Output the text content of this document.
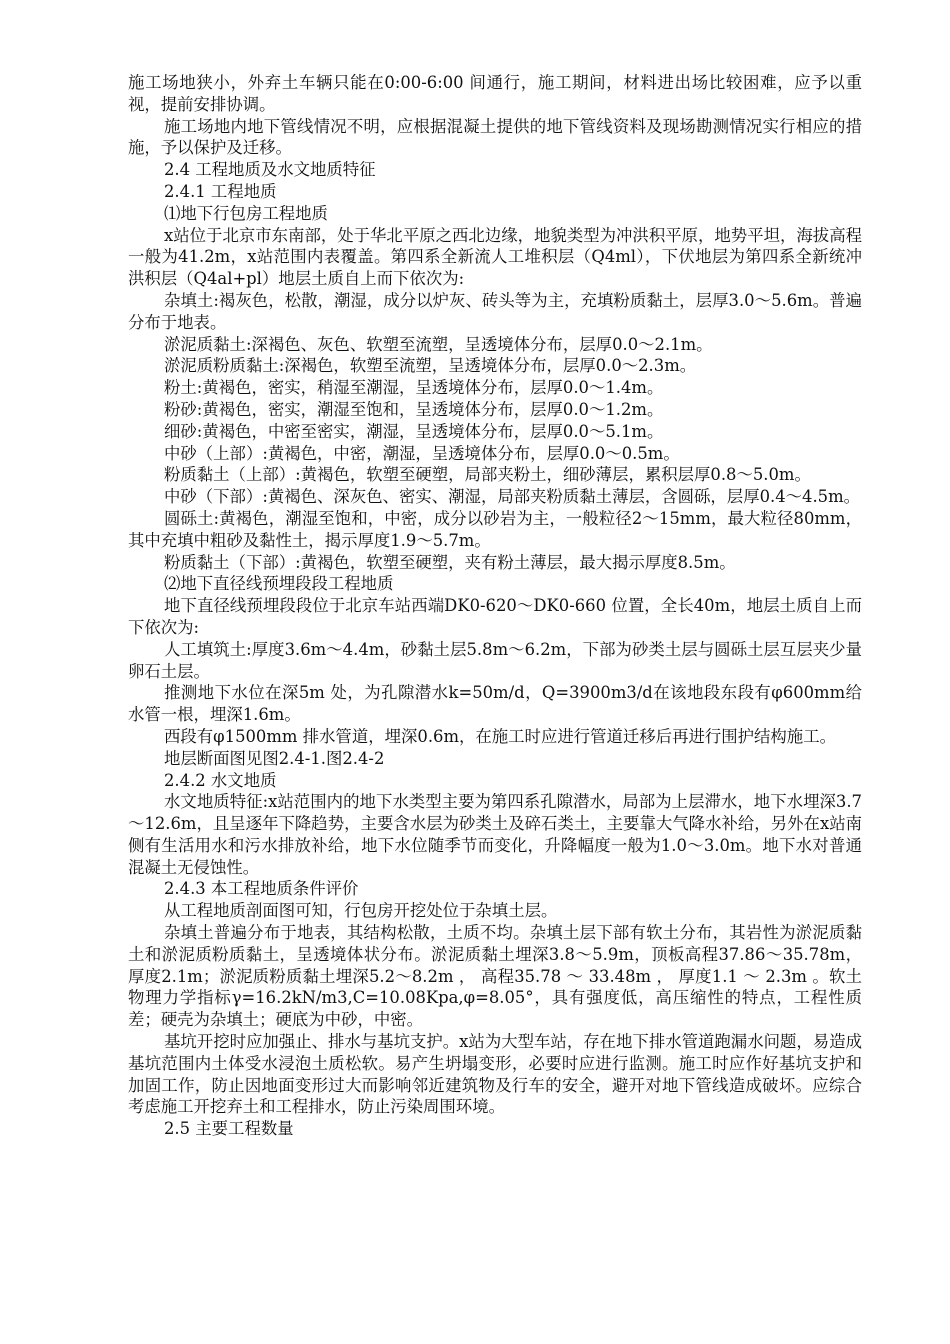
施工场地狭小，外弃土车辆只能在0:00-6:00 间通行，施工期间，材料进出场比较困难，应予以重视，提前安排协调。

施工场地内地下管线情况不明，应根据混凝土提供的地下管线资料及现场勘测情况实行相应的措施，予以保护及迁移。

2.4 工程地质及水文地质特征

2.4.1 工程地质

⑴地下行包房工程地质

x站位于北京市东南部，处于华北平原之西北边缘，地貌类型为冲洪积平原，地势平坦，海拔高程一般为41.2m，x站范围内表覆盖。第四系全新流人工堆积层（Q4ml），下伏地层为第四系全新统冲洪积层（Q4al+pl）地层土质自上而下依次为:

杂填土:褐灰色，松散，潮湿，成分以炉灰、砖头等为主，充填粉质黏土，层厚3.0～5.6m。普遍分布于地表。

淤泥质黏土:深褐色、灰色、软塑至流塑，呈透境体分布，层厚0.0～2.1m。

淤泥质粉质黏土:深褐色，软塑至流塑，呈透境体分布，层厚0.0～2.3m。

粉土:黄褐色，密实，稍湿至潮湿，呈透境体分布，层厚0.0～1.4m。

粉砂:黄褐色，密实，潮湿至饱和，呈透境体分布，层厚0.0～1.2m。

细砂:黄褐色，中密至密实，潮湿，呈透境体分布，层厚0.0～5.1m。

中砂（上部）:黄褐色，中密，潮湿，呈透境体分布，层厚0.0～0.5m。

粉质黏土（上部）:黄褐色，软塑至硬塑，局部夹粉土，细砂薄层，累积层厚0.8～5.0m。

中砂（下部）:黄褐色、深灰色、密实、潮湿，局部夹粉质黏土薄层，含圆砾，层厚0.4～4.5m。

圆砾土:黄褐色，潮湿至饱和，中密，成分以砂岩为主，一般粒径2～15mm，最大粒径80mm，其中充填中粗砂及黏性土，揭示厚度1.9～5.7m。

粉质黏土（下部）:黄褐色，软塑至硬塑，夹有粉土薄层，最大揭示厚度8.5m。

⑵地下直径线预埋段段工程地质

地下直径线预埋段段位于北京车站西端DK0-620～DK0-660 位置，全长40m，地层土质自上而下依次为:

人工填筑土:厚度3.6m～4.4m，砂黏土层5.8m～6.2m，下部为砂类土层与圆砾土层互层夹少量卵石土层。

推测地下水位在深5m 处，为孔隙潜水k=50m/d，Q=3900m3/d在该地段东段有φ600mm给水管一根，埋深1.6m。

西段有φ1500mm 排水管道，埋深0.6m，在施工时应进行管道迁移后再进行围护结构施工。

地层断面图见图2.4-1.图2.4-2

2.4.2 水文地质

水文地质特征:x站范围内的地下水类型主要为第四系孔隙潜水，局部为上层滞水，地下水埋深3.7～12.6m，且呈逐年下降趋势，主要含水层为砂类土及碎石类土，主要靠大气降水补给，另外在x站南侧有生活用水和污水排放补给，地下水位随季节而变化，升降幅度一般为1.0～3.0m。地下水对普通混凝土无侵蚀性。

2.4.3 本工程地质条件评价

从工程地质剖面图可知，行包房开挖处位于杂填土层。

杂填土普遍分布于地表，其结构松散，土质不均。杂填土层下部有软土分布，其岩性为淤泥质黏土和淤泥质粉质黏土，呈透境体状分布。淤泥质黏土埋深3.8～5.9m，顶板高程37.86～35.78m，厚度2.1m；淤泥质粉质黏土埋深5.2～8.2m ， 高程35.78 ～ 33.48m ， 厚度1.1 ～ 2.3m 。软土物理力学指标γ=16.2kN/m3,C=10.08Kpa,φ=8.05°，具有强度低，高压缩性的特点，工程性质差；硬壳为杂填土；硬底为中砂，中密。

基坑开挖时应加强止、排水与基坑支护。x站为大型车站，存在地下排水管道跑漏水问题，易造成基坑范围内土体受水浸泡土质松软。易产生坍塌变形，必要时应进行监测。施工时应作好基坑支护和加固工作，防止因地面变形过大而影响邻近建筑物及行车的安全，避开对地下管线造成破坏。应综合考虑施工开挖弃土和工程排水，防止污染周围环境。

2.5 主要工程数量
